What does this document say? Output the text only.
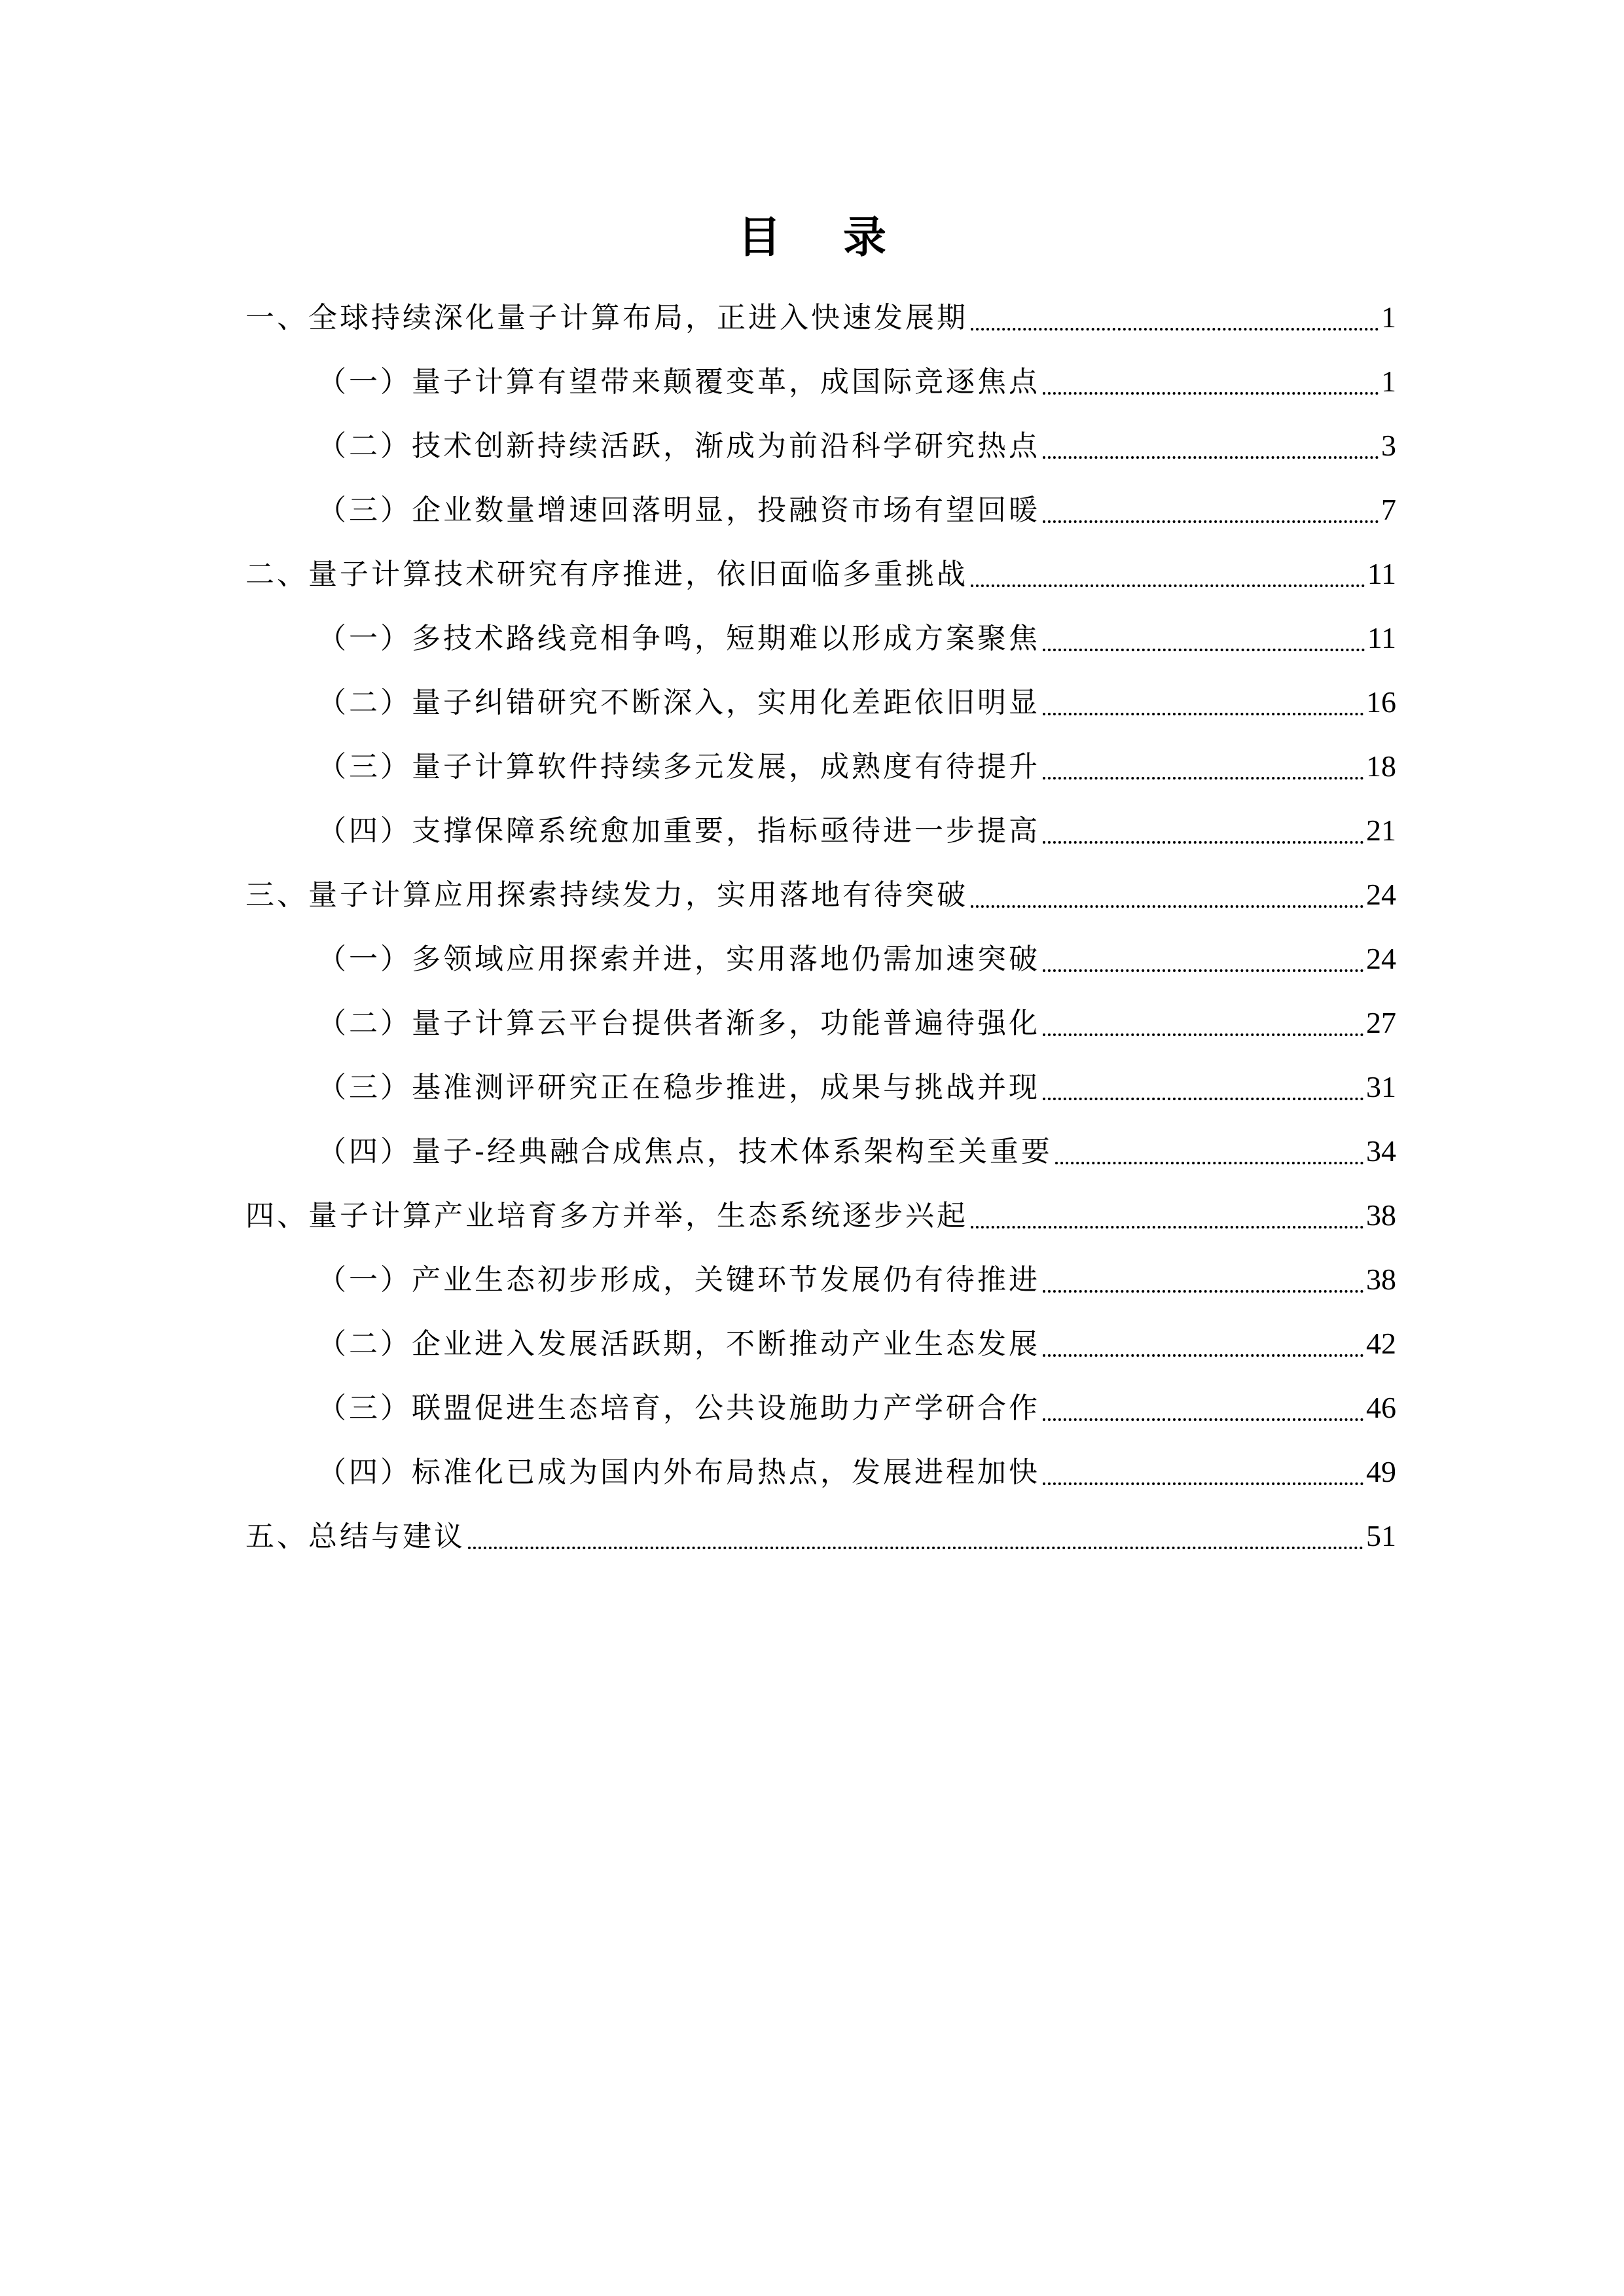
目 录
一、全球持续深化量子计算布局，正进入快速发展期	1
（一）量子计算有望带来颠覆变革，成国际竞逐焦点	1
（二）技术创新持续活跃，渐成为前沿科学研究热点	3
（三）企业数量增速回落明显，投融资市场有望回暖	7
二、量子计算技术研究有序推进，依旧面临多重挑战	11
（一）多技术路线竞相争鸣，短期难以形成方案聚焦	11
（二）量子纠错研究不断深入，实用化差距依旧明显	16
（三）量子计算软件持续多元发展，成熟度有待提升	18
（四）支撑保障系统愈加重要，指标亟待进一步提高	21
三、量子计算应用探索持续发力，实用落地有待突破	24
（一）多领域应用探索并进，实用落地仍需加速突破	24
（二）量子计算云平台提供者渐多，功能普遍待强化	27
（三）基准测评研究正在稳步推进，成果与挑战并现	31
（四）量子-经典融合成焦点，技术体系架构至关重要	34
四、量子计算产业培育多方并举，生态系统逐步兴起	38
（一）产业生态初步形成，关键环节发展仍有待推进	38
（二）企业进入发展活跃期，不断推动产业生态发展	42
（三）联盟促进生态培育，公共设施助力产学研合作	46
（四）标准化已成为国内外布局热点，发展进程加快	49
五、总结与建议	51
